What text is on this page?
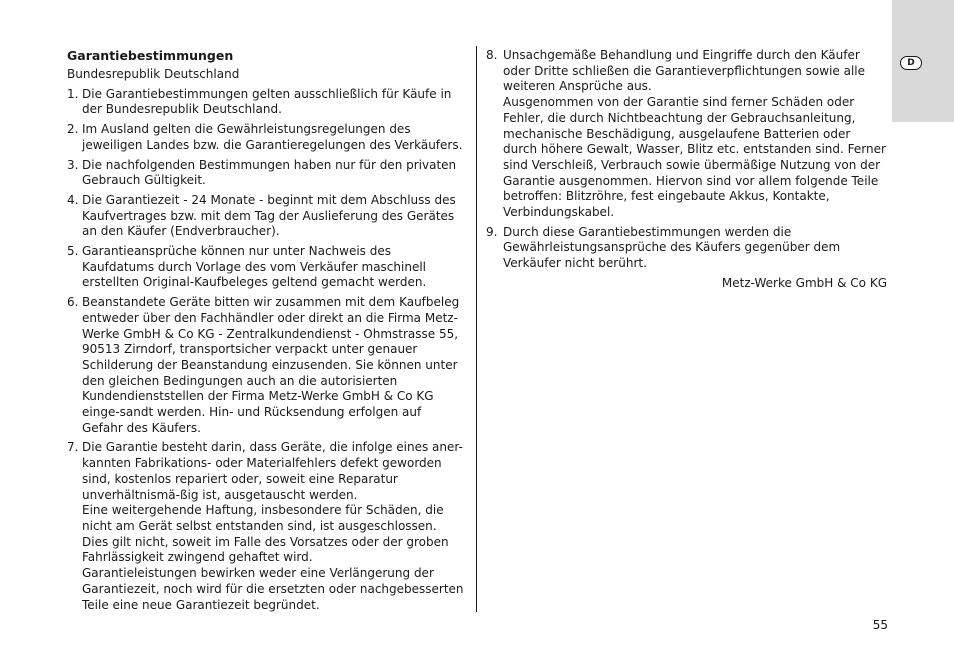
D
Garantiebestimmungen
Bundesrepublik Deutschland
1. Die Garantiebestimmungen gelten ausschließlich für Käufe in der Bundesrepublik Deutschland.

2. Im Ausland gelten die Gewährleistungsregelungen des jeweiligen Landes bzw. die Garantieregelungen des Verkäufers.

3. Die nachfolgenden Bestimmungen haben nur für den privaten Gebrauch Gültigkeit.

4. Die Garantiezeit - 24 Monate - beginnt mit dem Abschluss des Kaufvertrages bzw. mit dem Tag der Auslieferung des Gerätes an den Käufer (Endverbraucher).

5. Garantieansprüche können nur unter Nachweis des Kaufdatums durch Vorlage des vom Verkäufer maschinell erstellten Original-Kaufbeleges geltend gemacht werden.

6. Beanstandete Geräte bitten wir zusammen mit dem Kaufbeleg entweder über den Fachhändler oder direkt an die Firma Metz-Werke GmbH & Co KG - Zentralkundendienst - Ohmstrasse 55, 90513 Zirndorf, transportsicher verpackt unter genauer Schilderung der Beanstandung einzusenden. Sie können unter den gleichen Bedingungen auch an die autorisierten Kundendienststellen der Firma Metz-Werke GmbH & Co KG einge-sandt werden. Hin- und Rücksendung erfolgen auf Gefahr des Käufers.

7. Die Garantie besteht darin, dass Geräte, die infolge eines aner-kannten Fabrikations- oder Materialfehlers defekt geworden sind, kostenlos repariert oder, soweit eine Reparatur unverhältnismä-ßig ist, ausgetauscht werden.

Eine weitergehende Haftung, insbesondere für Schäden, die nicht am Gerät selbst entstanden sind, ist ausgeschlossen. Dies gilt nicht, soweit im Falle des Vorsatzes oder der groben Fahrlässigkeit zwingend gehaftet wird.

Garantieleistungen bewirken weder eine Verlängerung der Garantiezeit, noch wird für die ersetzten oder nachgebesserten Teile eine neue Garantiezeit begründet.

8. Unsachgemäße Behandlung und Eingriffe durch den Käufer oder Dritte schließen die Garantieverpflichtungen sowie alle weiteren Ansprüche aus.

Ausgenommen von der Garantie sind ferner Schäden oder Fehler, die durch Nichtbeachtung der Gebrauchsanleitung, mechanische Beschädigung, ausgelaufene Batterien oder durch höhere Gewalt, Wasser, Blitz etc. entstanden sind. Ferner sind Verschleiß, Verbrauch sowie übermäßige Nutzung von der Garantie ausgenommen. Hiervon sind vor allem folgende Teile betroffen: Blitzröhre, fest eingebaute Akkus, Kontakte, Verbindungskabel.

9. Durch diese Garantiebestimmungen werden die Gewährleistungsansprüche des Käufers gegenüber dem Verkäufer nicht berührt.

Metz-Werke GmbH & Co KG
55
